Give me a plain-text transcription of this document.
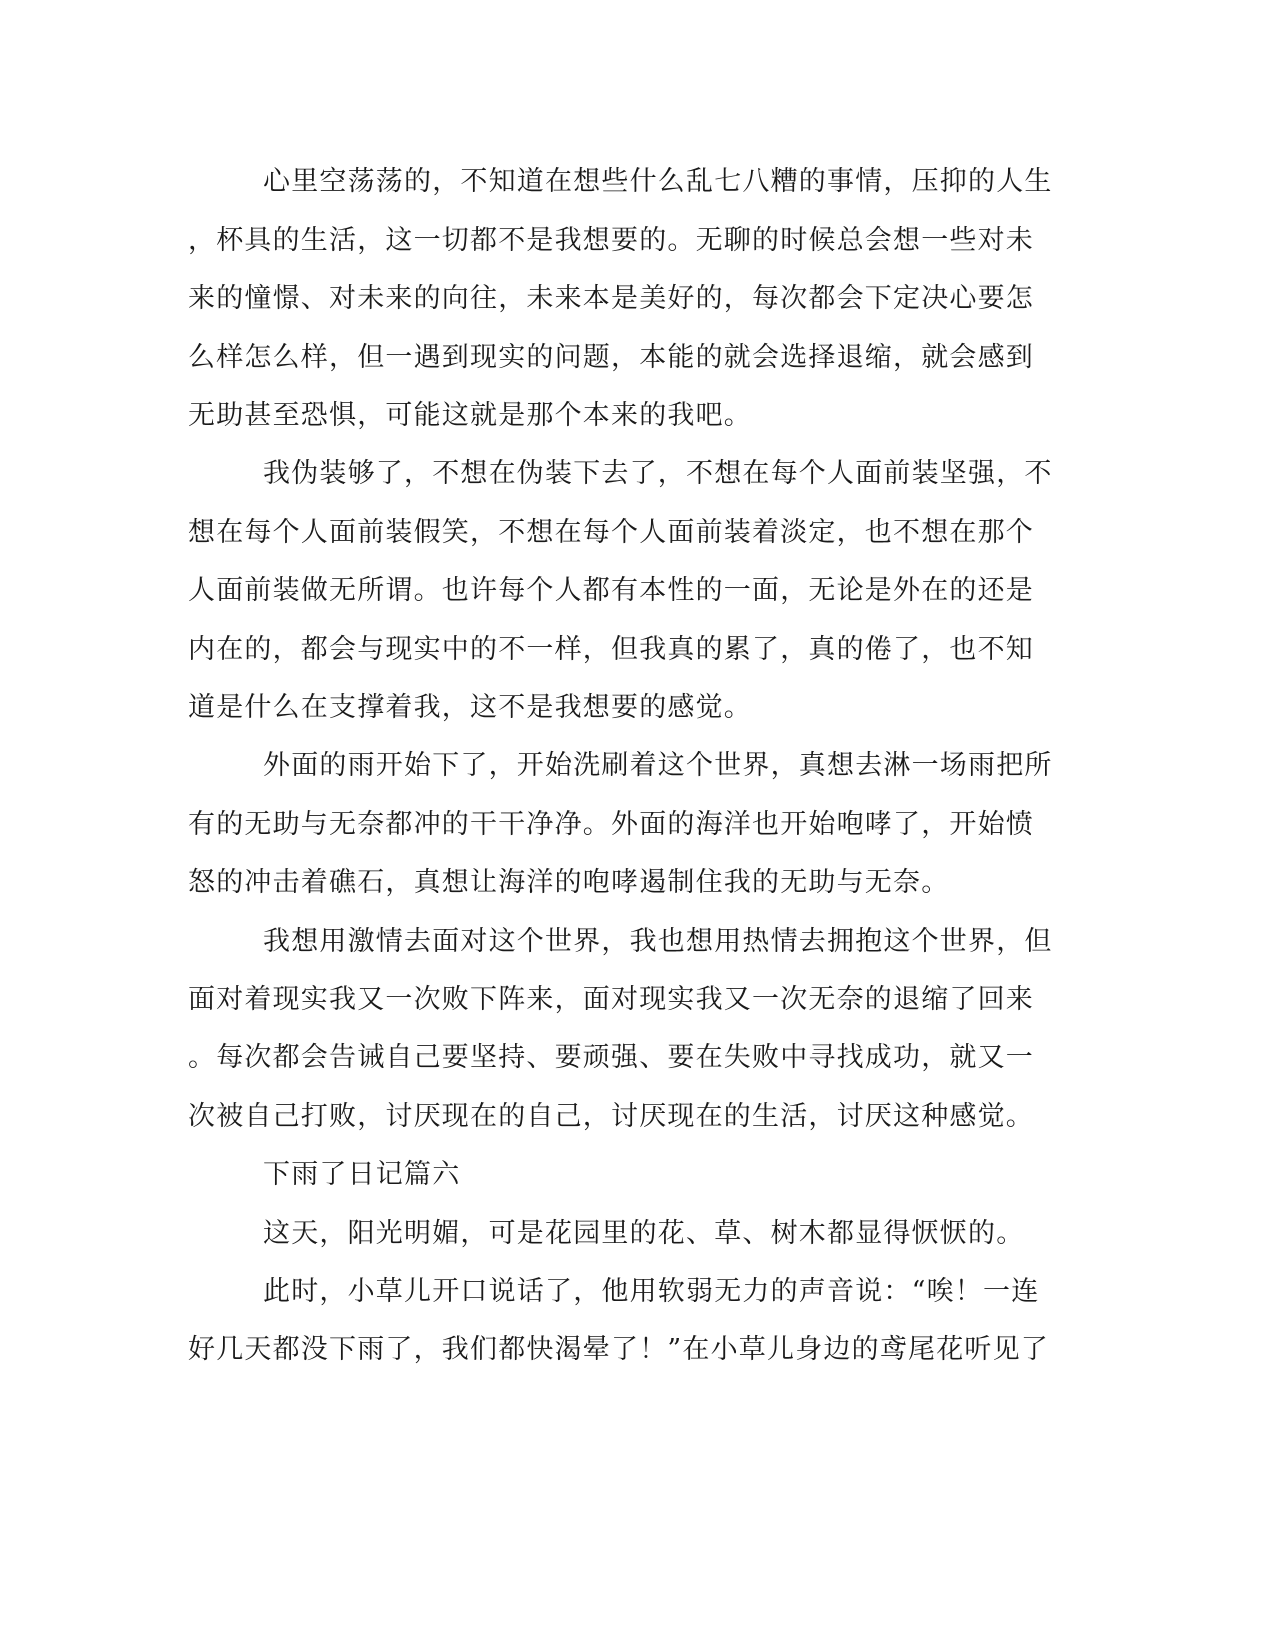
心里空荡荡的，不知道在想些什么乱七八糟的事情，压抑的人生
，杯具的生活，这一切都不是我想要的。无聊的时候总会想一些对未
来的憧憬、对未来的向往，未来本是美好的，每次都会下定决心要怎
么样怎么样，但一遇到现实的问题，本能的就会选择退缩，就会感到
无助甚至恐惧，可能这就是那个本来的我吧。
我伪装够了，不想在伪装下去了，不想在每个人面前装坚强，不
想在每个人面前装假笑，不想在每个人面前装着淡定，也不想在那个
人面前装做无所谓。也许每个人都有本性的一面，无论是外在的还是
内在的，都会与现实中的不一样，但我真的累了，真的倦了，也不知
道是什么在支撑着我，这不是我想要的感觉。
外面的雨开始下了，开始洗刷着这个世界，真想去淋一场雨把所
有的无助与无奈都冲的干干净净。外面的海洋也开始咆哮了，开始愤
怒的冲击着礁石，真想让海洋的咆哮遏制住我的无助与无奈。
我想用激情去面对这个世界，我也想用热情去拥抱这个世界，但
面对着现实我又一次败下阵来，面对现实我又一次无奈的退缩了回来
。每次都会告诫自己要坚持、要顽强、要在失败中寻找成功，就又一
次被自己打败，讨厌现在的自己，讨厌现在的生活，讨厌这种感觉。
下雨了日记篇六
这天，阳光明媚，可是花园里的花、草、树木都显得恹恹的。
此时，小草儿开口说话了，他用软弱无力的声音说：“唉！一连
好几天都没下雨了，我们都快渴晕了！”在小草儿身边的鸢尾花听见了
